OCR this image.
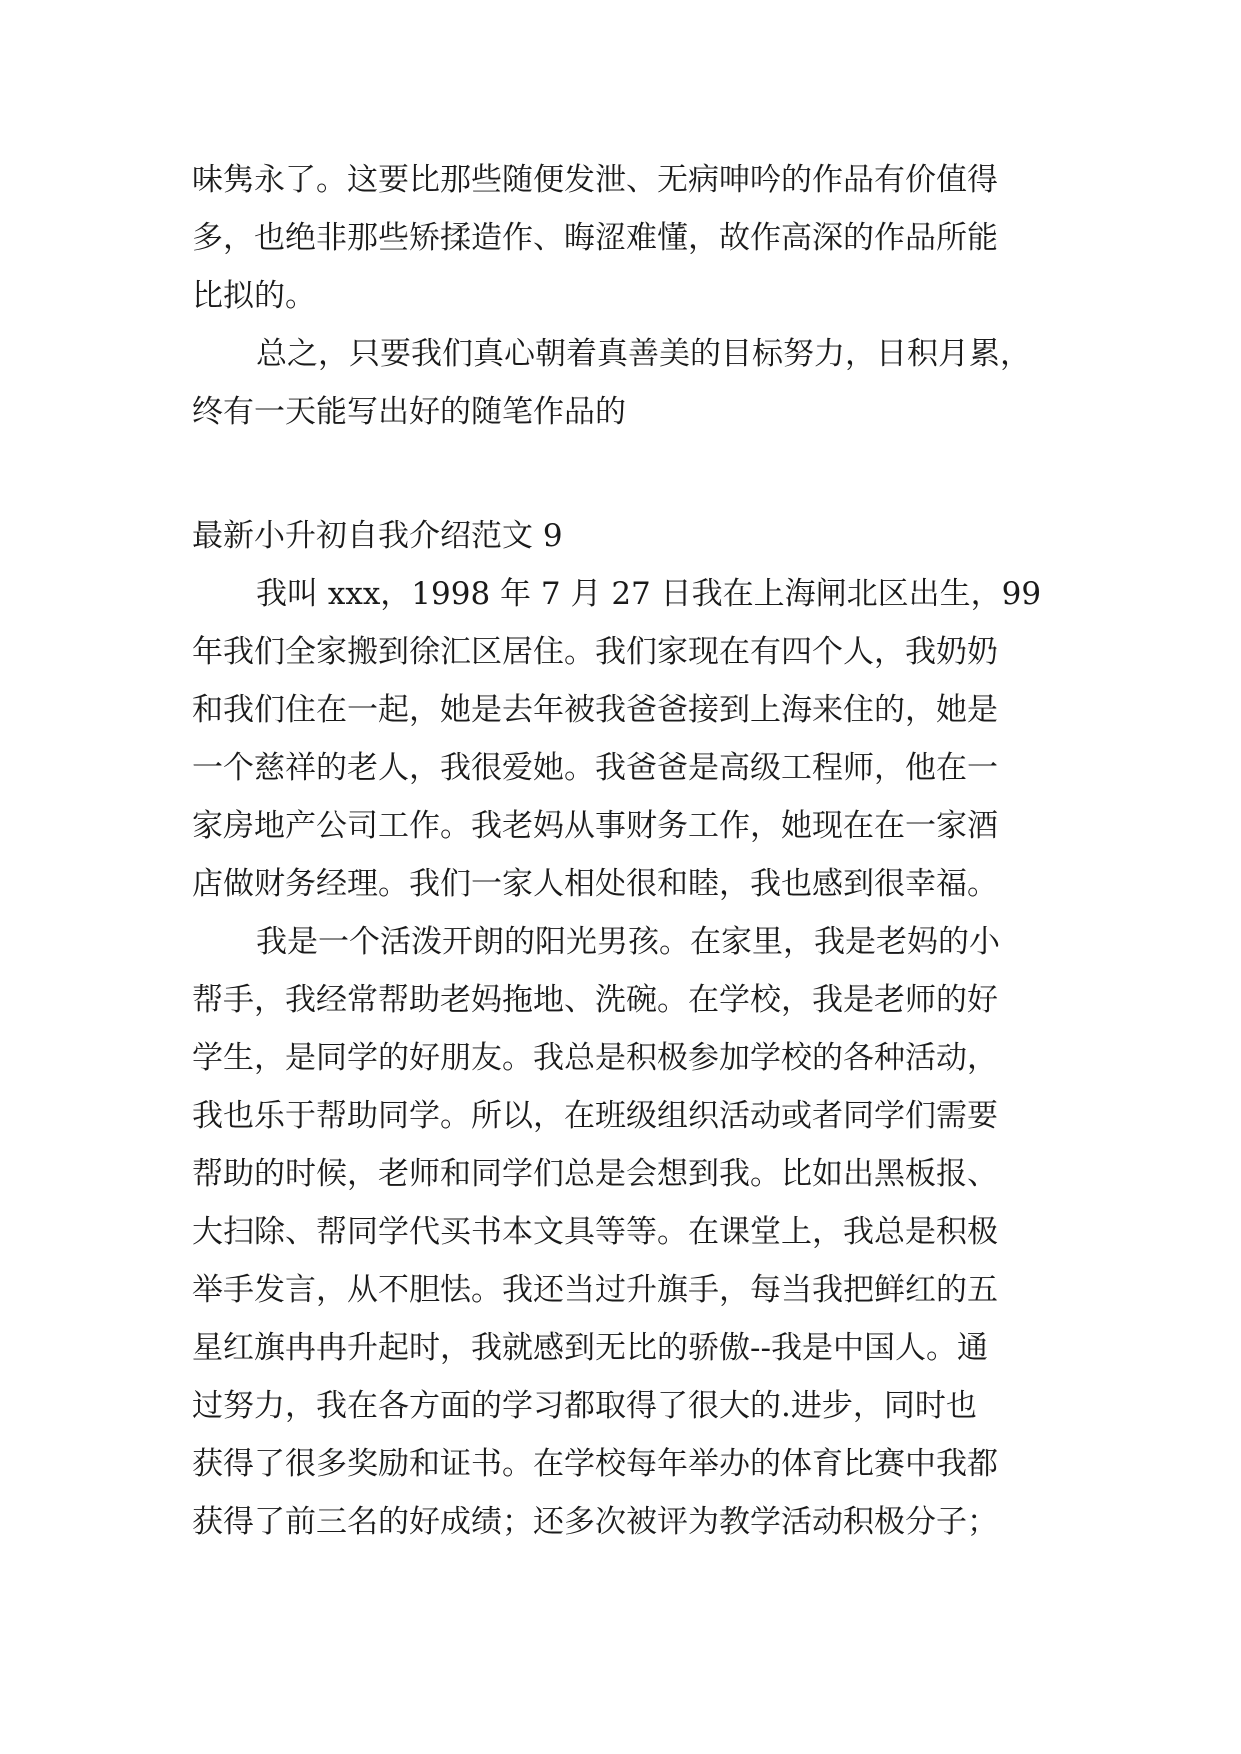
味隽永了。这要比那些随便发泄、无病呻吟的作品有价值得
多，也绝非那些矫揉造作、晦涩难懂，故作高深的作品所能
比拟的。
总之，只要我们真心朝着真善美的目标努力，日积月累，
终有一天能写出好的随笔作品的
最新小升初自我介绍范文 9
我叫 xxx，1998 年 7 月 27 日我在上海闸北区出生，99
年我们全家搬到徐汇区居住。我们家现在有四个人，我奶奶
和我们住在一起，她是去年被我爸爸接到上海来住的，她是
一个慈祥的老人，我很爱她。我爸爸是高级工程师，他在一
家房地产公司工作。我老妈从事财务工作，她现在在一家酒
店做财务经理。我们一家人相处很和睦，我也感到很幸福。
我是一个活泼开朗的阳光男孩。在家里，我是老妈的小
帮手，我经常帮助老妈拖地、洗碗。在学校，我是老师的好
学生，是同学的好朋友。我总是积极参加学校的各种活动，
我也乐于帮助同学。所以，在班级组织活动或者同学们需要
帮助的时候，老师和同学们总是会想到我。比如出黑板报、
大扫除、帮同学代买书本文具等等。在课堂上，我总是积极
举手发言，从不胆怯。我还当过升旗手，每当我把鲜红的五
星红旗冉冉升起时，我就感到无比的骄傲--我是中国人。通
过努力，我在各方面的学习都取得了很大的.进步，同时也
获得了很多奖励和证书。在学校每年举办的体育比赛中我都
获得了前三名的好成绩；还多次被评为教学活动积极分子；
